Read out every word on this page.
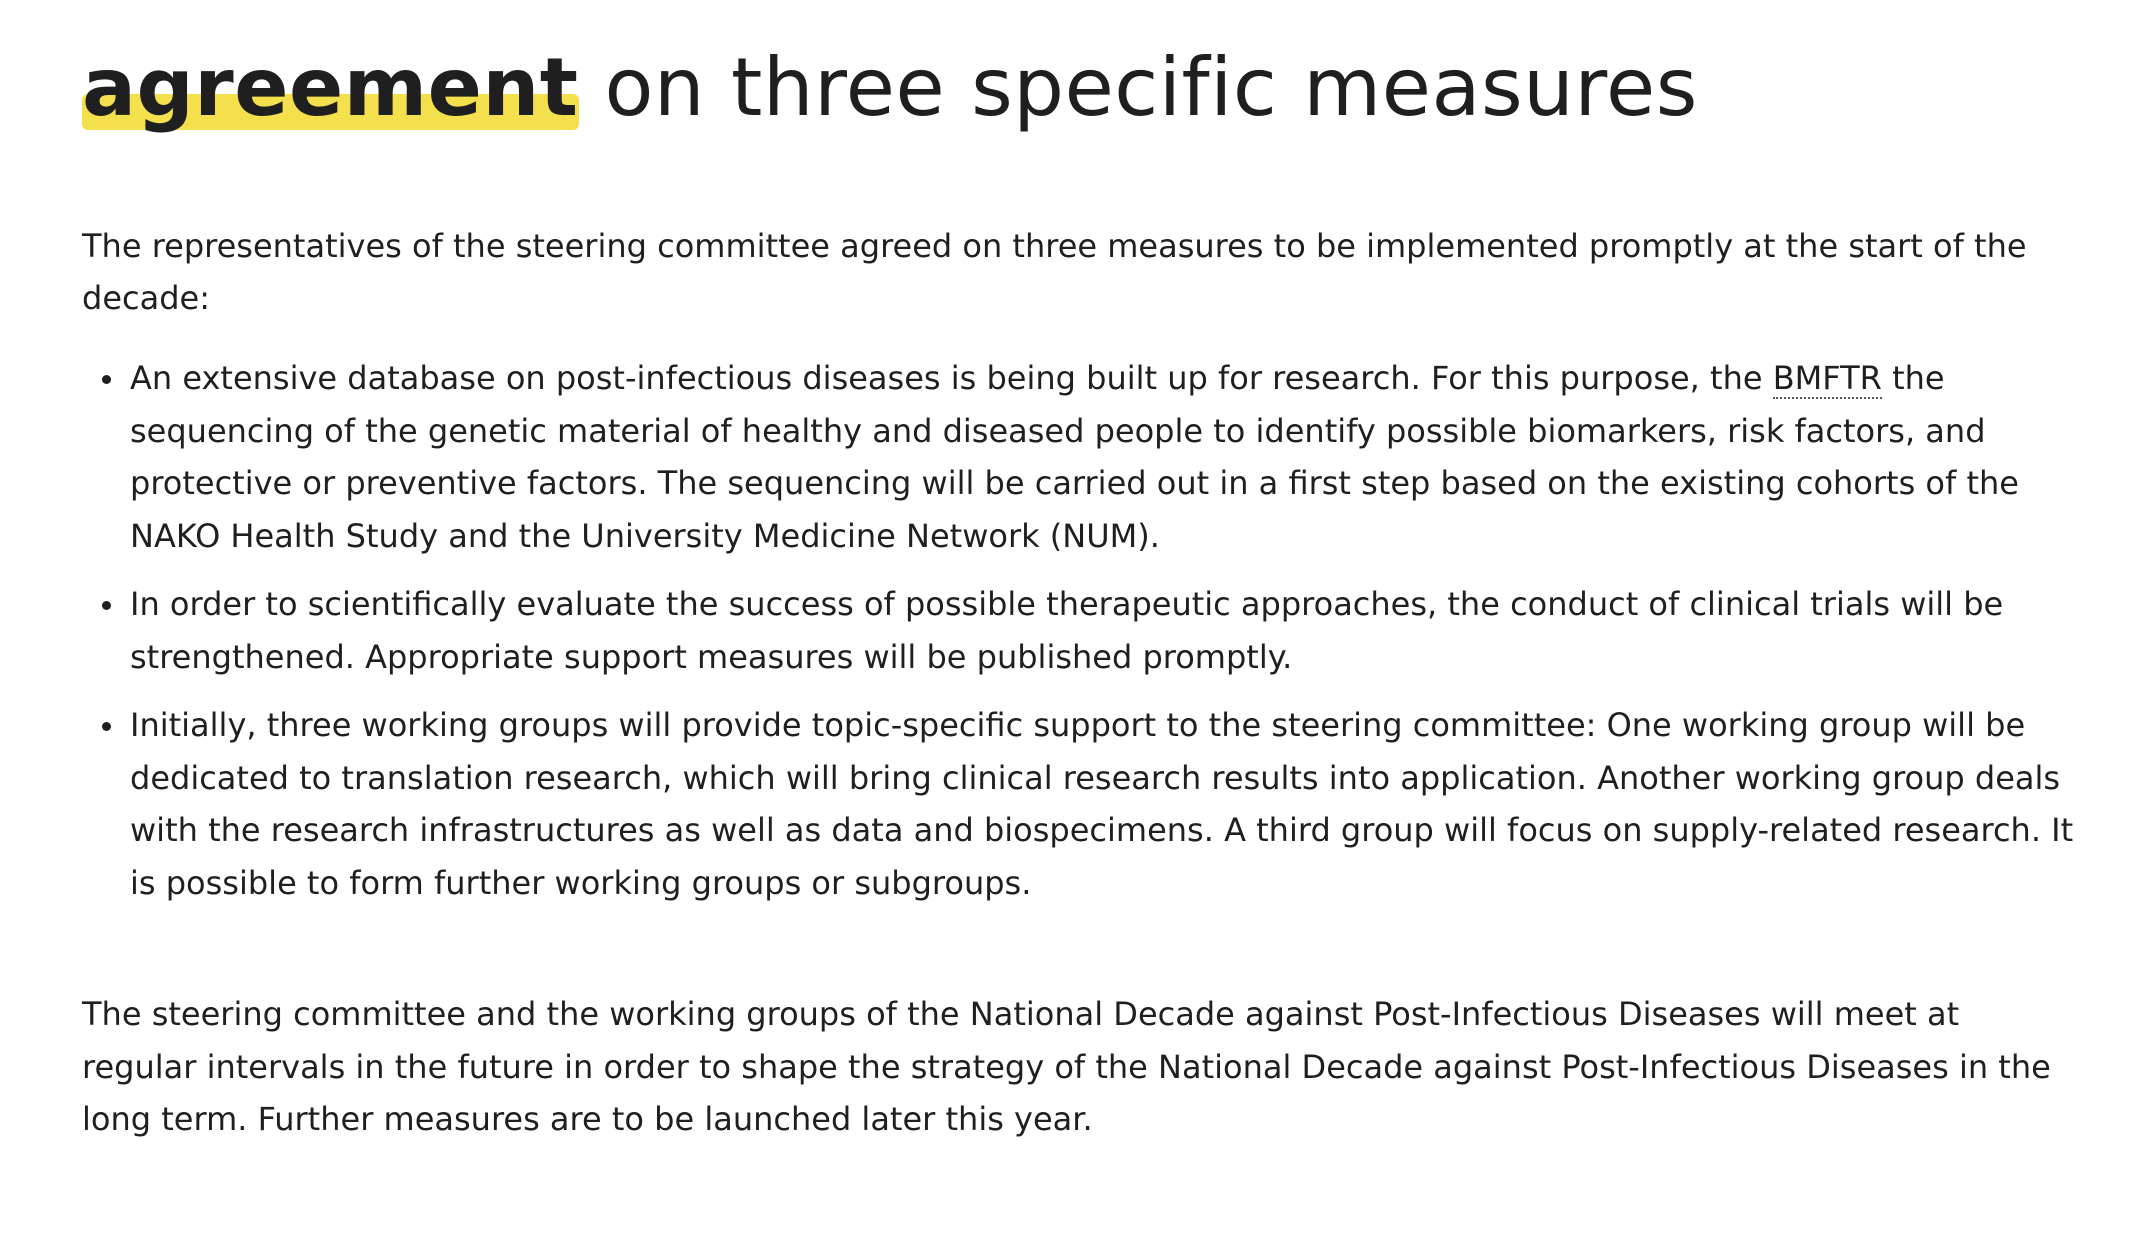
agreement on three specific measures

The representatives of the steering committee agreed on three measures to be implemented promptly at the start of the decade:

An extensive database on post-infectious diseases is being built up for research. For this purpose, the BMFTR the sequencing of the genetic material of healthy and diseased people to identify possible biomarkers, risk factors, and protective or preventive factors. The sequencing will be carried out in a first step based on the existing cohorts of the NAKO Health Study and the University Medicine Network (NUM).
In order to scientifically evaluate the success of possible therapeutic approaches, the conduct of clinical trials will be strengthened. Appropriate support measures will be published promptly.
Initially, three working groups will provide topic-specific support to the steering committee: One working group will be dedicated to translation research, which will bring clinical research results into application. Another working group deals with the research infrastructures as well as data and biospecimens. A third group will focus on supply-related research. It is possible to form further working groups or subgroups.

The steering committee and the working groups of the National Decade against Post-Infectious Diseases will meet at regular intervals in the future in order to shape the strategy of the National Decade against Post-Infectious Diseases in the long term. Further measures are to be launched later this year.
